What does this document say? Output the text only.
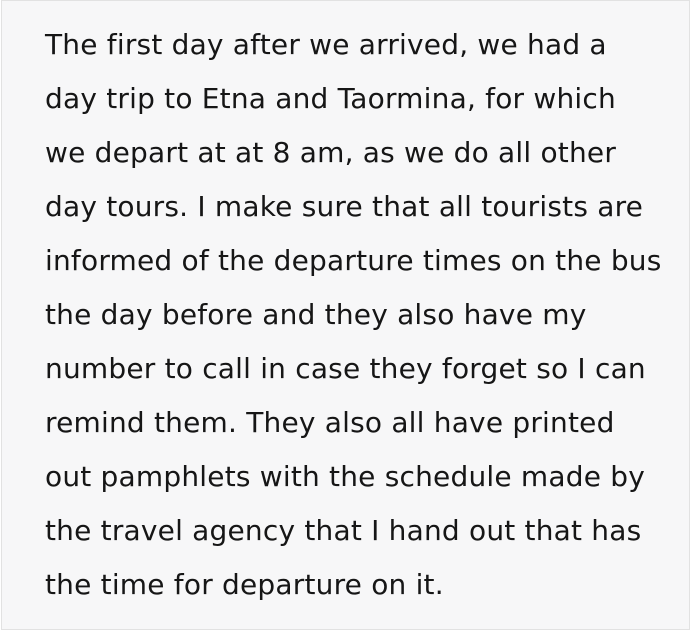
The first day after we arrived, we had a

day trip to Etna and Taormina, for which

we depart at at 8 am, as we do all other

day tours. I make sure that all tourists are

informed of the departure times on the bus

the day before and they also have my

number to call in case they forget so I can

remind them. They also all have printed

out pamphlets with the schedule made by

the travel agency that I hand out that has

the time for departure on it.
